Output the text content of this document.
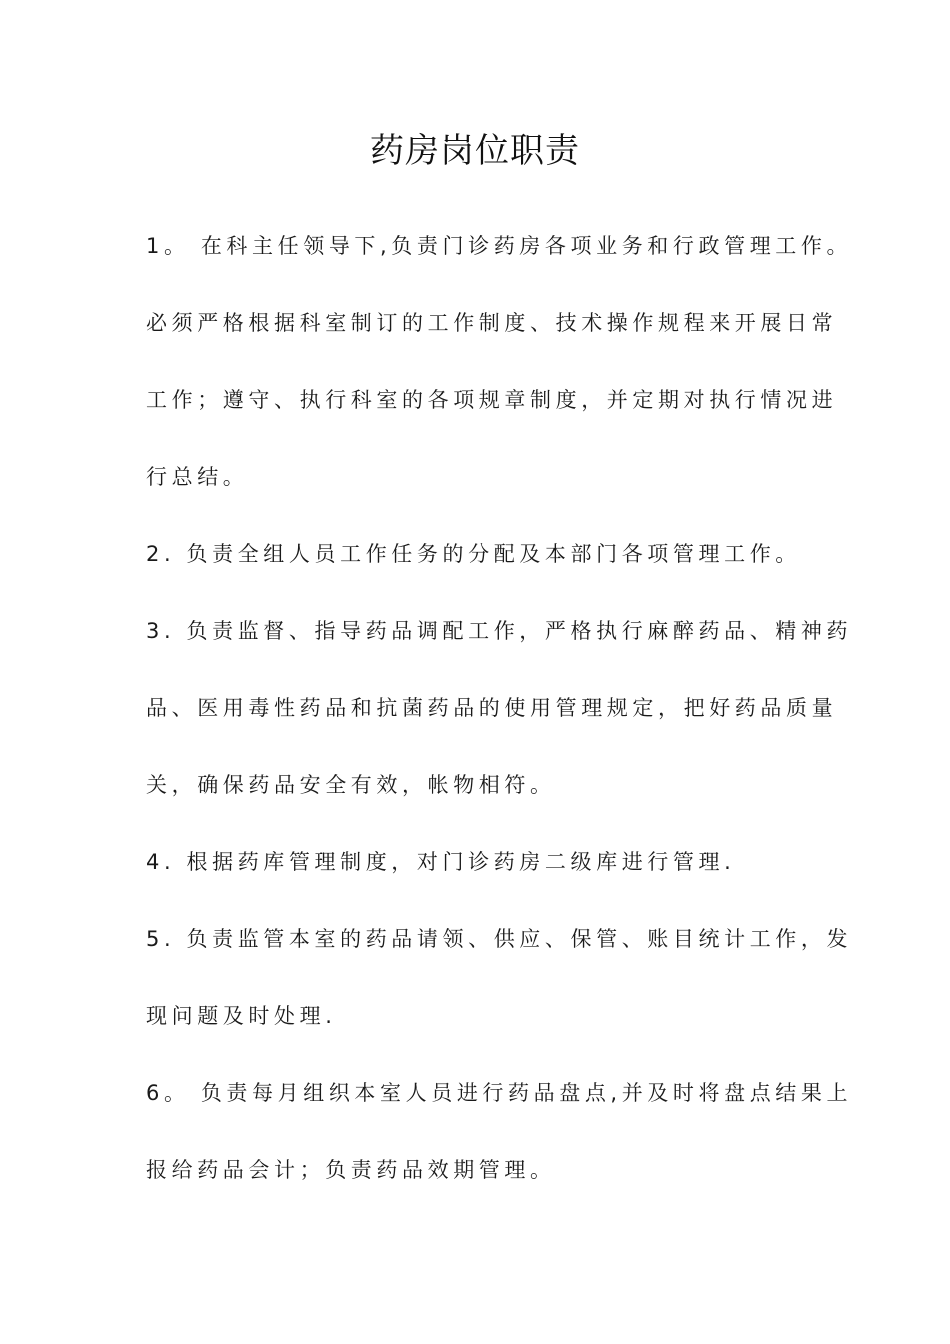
药房岗位职责
1。 在科主任领导下,负责门诊药房各项业务和行政管理工作。
必须严格根据科室制订的工作制度、技术操作规程来开展日常
工作；遵守、执行科室的各项规章制度，并定期对执行情况进
行总结。
2. 负责全组人员工作任务的分配及本部门各项管理工作。
3. 负责监督、指导药品调配工作，严格执行麻醉药品、精神药
品、医用毒性药品和抗菌药品的使用管理规定，把好药品质量
关，确保药品安全有效，帐物相符。
4. 根据药库管理制度，对门诊药房二级库进行管理.
5. 负责监管本室的药品请领、供应、保管、账目统计工作，发
现问题及时处理.
6。 负责每月组织本室人员进行药品盘点,并及时将盘点结果上
报给药品会计；负责药品效期管理。
